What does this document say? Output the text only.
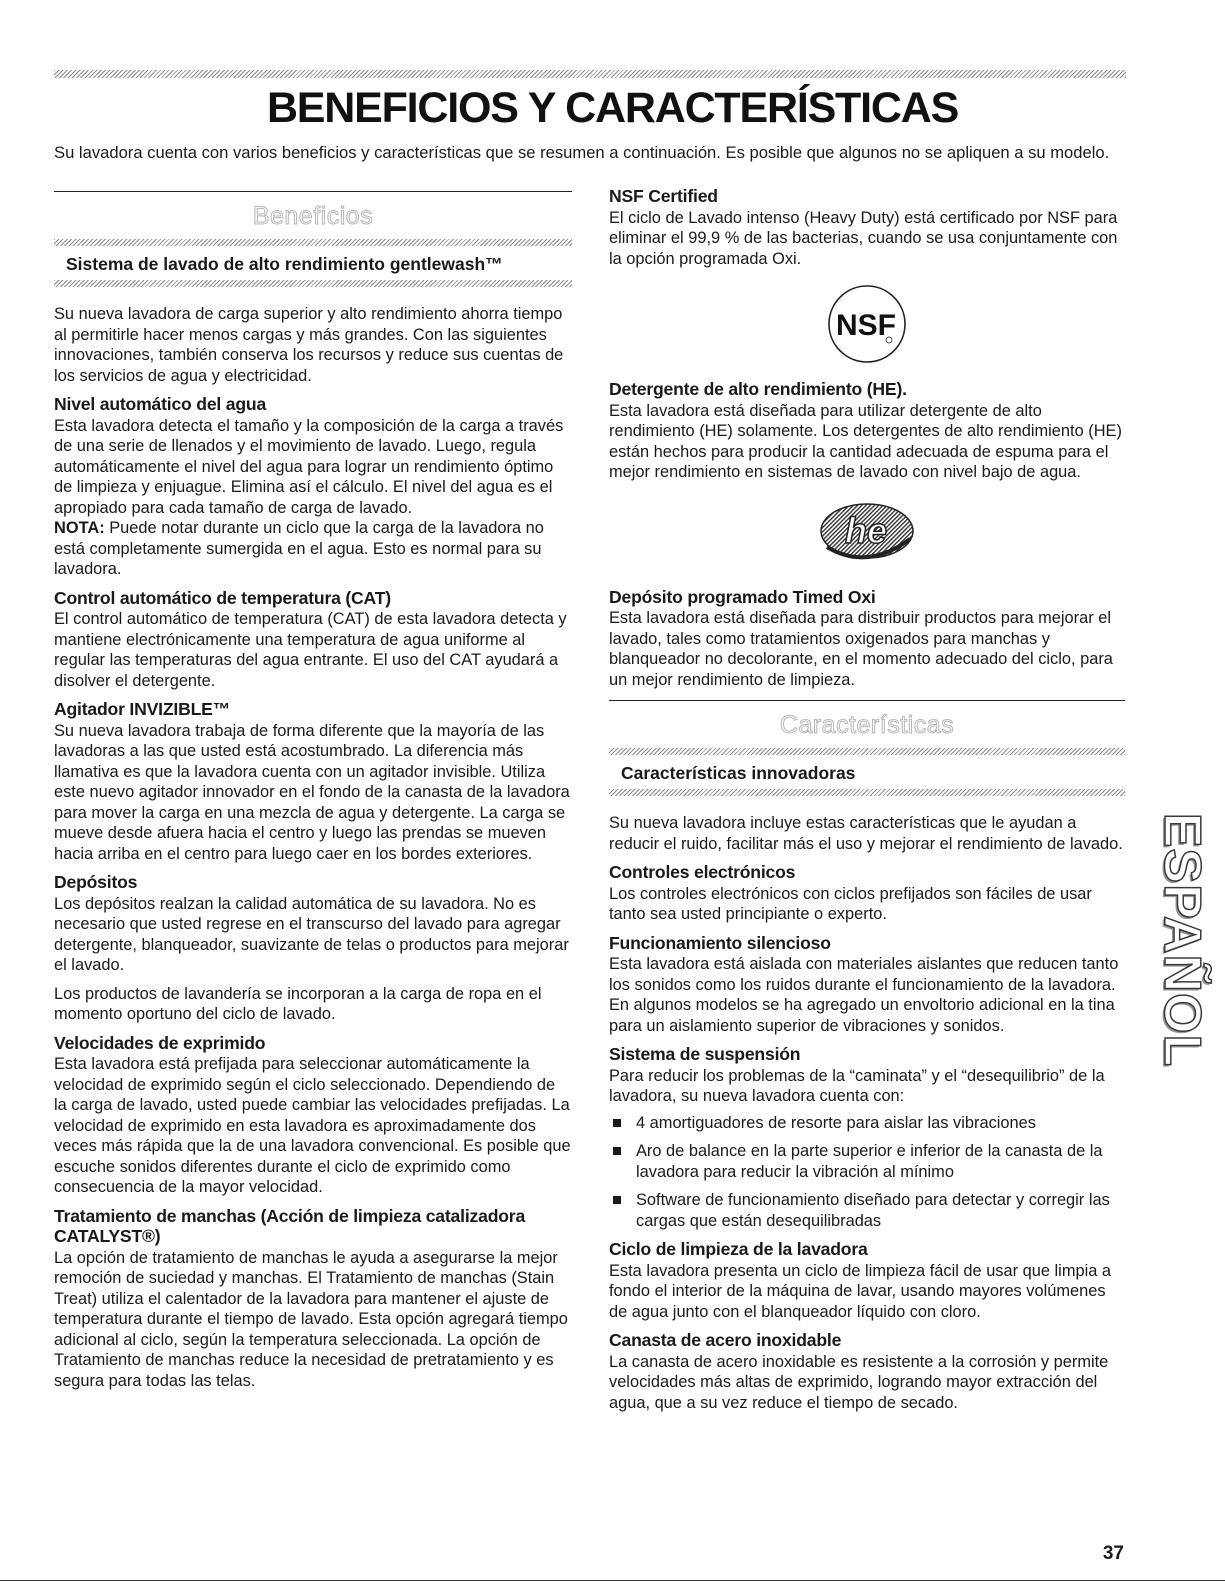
BENEFICIOS Y CARACTERÍSTICAS

Su lavadora cuenta con varios beneficios y características que se resumen a continuación. Es posible que algunos no se apliquen a su modelo.

Beneficios
Sistema de lavado de alto rendimiento gentlewash™

Su nueva lavadora de carga superior y alto rendimiento ahorra tiempo al permitirle hacer menos cargas y más grandes. Con las siguientes innovaciones, también conserva los recursos y reduce sus cuentas de los servicios de agua y electricidad.

Nivel automático del agua

Esta lavadora detecta el tamaño y la composición de la carga a través de una serie de llenados y el movimiento de lavado. Luego, regula automáticamente el nivel del agua para lograr un rendimiento óptimo de limpieza y enjuague. Elimina así el cálculo. El nivel del agua es el apropiado para cada tamaño de carga de lavado.

NOTA: Puede notar durante un ciclo que la carga de la lavadora no está completamente sumergida en el agua. Esto es normal para su lavadora.

Control automático de temperatura (CAT)

El control automático de temperatura (CAT) de esta lavadora detecta y mantiene electrónicamente una temperatura de agua uniforme al regular las temperaturas del agua entrante. El uso del CAT ayudará a disolver el detergente.

Agitador INVIZIBLE™

Su nueva lavadora trabaja de forma diferente que la mayoría de las lavadoras a las que usted está acostumbrado. La diferencia más llamativa es que la lavadora cuenta con un agitador invisible. Utiliza este nuevo agitador innovador en el fondo de la canasta de la lavadora para mover la carga en una mezcla de agua y detergente. La carga se mueve desde afuera hacia el centro y luego las prendas se mueven hacia arriba en el centro para luego caer en los bordes exteriores.

Depósitos

Los depósitos realzan la calidad automática de su lavadora. No es necesario que usted regrese en el transcurso del lavado para agregar detergente, blanqueador, suavizante de telas o productos para mejorar el lavado.

Los productos de lavandería se incorporan a la carga de ropa en el momento oportuno del ciclo de lavado.

Velocidades de exprimido

Esta lavadora está prefijada para seleccionar automáticamente la velocidad de exprimido según el ciclo seleccionado. Dependiendo de la carga de lavado, usted puede cambiar las velocidades prefijadas. La velocidad de exprimido en esta lavadora es aproximadamente dos veces más rápida que la de una lavadora convencional. Es posible que escuche sonidos diferentes durante el ciclo de exprimido como consecuencia de la mayor velocidad.

Tratamiento de manchas (Acción de limpieza catalizadora CATALYST®)

La opción de tratamiento de manchas le ayuda a asegurarse la mejor remoción de suciedad y manchas. El Tratamiento de manchas (Stain Treat) utiliza el calentador de la lavadora para mantener el ajuste de temperatura durante el tiempo de lavado. Esta opción agregará tiempo adicional al ciclo, según la temperatura seleccionada. La opción de Tratamiento de manchas reduce la necesidad de pretratamiento y es segura para todas las telas.

NSF Certified

El ciclo de Lavado intenso (Heavy Duty) está certificado por NSF para eliminar el 99,9 % de las bacterias, cuando se usa conjuntamente con la opción programada Oxi.

NSF
Detergente de alto rendimiento (HE).

Esta lavadora está diseñada para utilizar detergente de alto rendimiento (HE) solamente. Los detergentes de alto rendimiento (HE) están hechos para producir la cantidad adecuada de espuma para el mejor rendimiento en sistemas de lavado con nivel bajo de agua.

he
Depósito programado Timed Oxi

Esta lavadora está diseñada para distribuir productos para mejorar el lavado, tales como tratamientos oxigenados para manchas y blanqueador no decolorante, en el momento adecuado del ciclo, para un mejor rendimiento de limpieza.

Características
Características innovadoras

Su nueva lavadora incluye estas características que le ayudan a reducir el ruido, facilitar más el uso y mejorar el rendimiento de lavado.

Controles electrónicos

Los controles electrónicos con ciclos prefijados son fáciles de usar tanto sea usted principiante o experto.

Funcionamiento silencioso

Esta lavadora está aislada con materiales aislantes que reducen tanto los sonidos como los ruidos durante el funcionamiento de la lavadora. En algunos modelos se ha agregado un envoltorio adicional en la tina para un aislamiento superior de vibraciones y sonidos.

Sistema de suspensión

Para reducir los problemas de la “caminata” y el “desequilibrio” de la lavadora, su nueva lavadora cuenta con:

4 amortiguadores de resorte para aislar las vibraciones
Aro de balance en la parte superior e inferior de la canasta de la lavadora para reducir la vibración al mínimo
Software de funcionamiento diseñado para detectar y corregir las cargas que están desequilibradas
Ciclo de limpieza de la lavadora

Esta lavadora presenta un ciclo de limpieza fácil de usar que limpia a fondo el interior de la máquina de lavar, usando mayores volúmenes de agua junto con el blanqueador líquido con cloro.

Canasta de acero inoxidable

La canasta de acero inoxidable es resistente a la corrosión y permite velocidades más altas de exprimido, logrando mayor extracción del agua, que a su vez reduce el tiempo de secado.

ESPAÑOL
37
